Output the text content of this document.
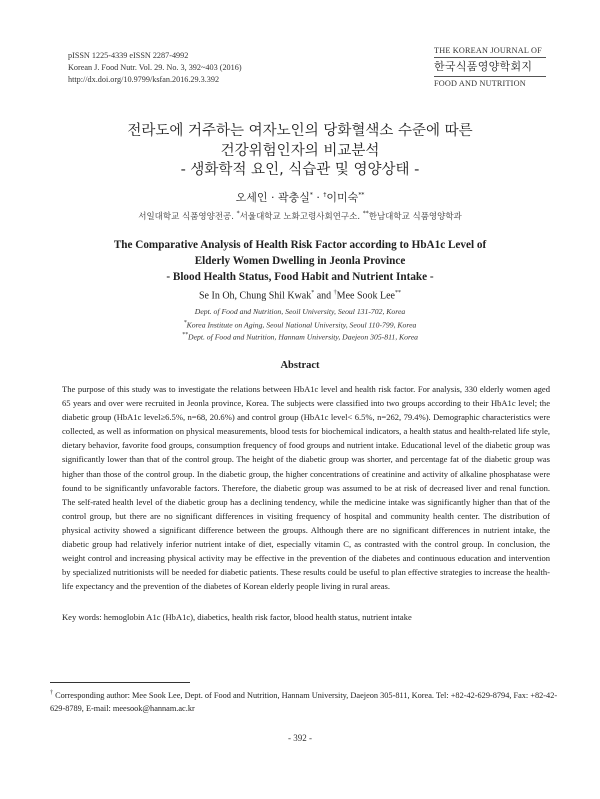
pISSN 1225-4339 eISSN 2287-4992
Korean J. Food Nutr. Vol. 29. No. 3, 392~403 (2016)
http://dx.doi.org/10.9799/ksfan.2016.29.3.392
THE KOREAN JOURNAL OF
한국식품영양학회지
FOOD AND NUTRITION
전라도에 거주하는 여자노인의 당화혈색소 수준에 따른
건강위험인자의 비교분석
- 생화학적 요인, 식습관 및 영양상태 -
오세인 · 곽충실* · †이미숙**
서일대학교 식품영양전공. *서울대학교 노화고령사회연구소. **한남대학교 식품영양학과
The Comparative Analysis of Health Risk Factor according to HbA1c Level of
Elderly Women Dwelling in Jeonla Province
- Blood Health Status, Food Habit and Nutrient Intake -
Se In Oh, Chung Shil Kwak* and †Mee Sook Lee**
Dept. of Food and Nutrition, Seoil University, Seoul 131-702, Korea
*Korea Institute on Aging, Seoul National University, Seoul 110-799, Korea
**Dept. of Food and Nutrition, Hannam University, Daejeon 305-811, Korea
Abstract
The purpose of this study was to investigate the relations between HbA1c level and health risk factor. For analysis, 330 elderly women aged 65 years and over were recruited in Jeonla province, Korea. The subjects were classified into two groups according to their HbA1c level; the diabetic group (HbA1c level≥6.5%, n=68, 20.6%) and control group (HbA1c level< 6.5%, n=262, 79.4%). Demographic characteristics were collected, as well as information on physical measurements, blood tests for biochemical indicators, a health status and health-related life style, dietary behavior, favorite food groups, consumption frequency of food groups and nutrient intake. Educational level of the diabetic group was significantly lower than that of the control group. The height of the diabetic group was shorter, and percentage fat of the diabetic group was higher than those of the control group. In the diabetic group, the higher concentrations of creatinine and activity of alkaline phosphatase were found to be significantly unfavorable factors. Therefore, the diabetic group was assumed to be at risk of decreased liver and renal function. The self-rated health level of the diabetic group has a declining tendency, while the medicine intake was significantly higher than that of the control group, but there are no significant differences in visiting frequency of hospital and community health center. The distribution of physical activity showed a significant difference between the groups. Although there are no significant differences in nutrient intake, the diabetic group had relatively inferior nutrient intake of diet, especially vitamin C, as contrasted with the control group. In conclusion, the weight control and increasing physical activity may be effective in the prevention of the diabetes and continuous education and intervention by specialized nutritionists will be needed for diabetic patients. These results could be useful to plan effective strategies to increase the health-life expectancy and the prevention of the diabetes of Korean elderly people living in rural areas.
Key words: hemoglobin A1c (HbA1c), diabetics, health risk factor, blood health status, nutrient intake
† Corresponding author: Mee Sook Lee, Dept. of Food and Nutrition, Hannam University, Daejeon 305-811, Korea. Tel: +82-42-629-8794, Fax: +82-42-629-8789, E-mail: meesook@hannam.ac.kr
- 392 -
